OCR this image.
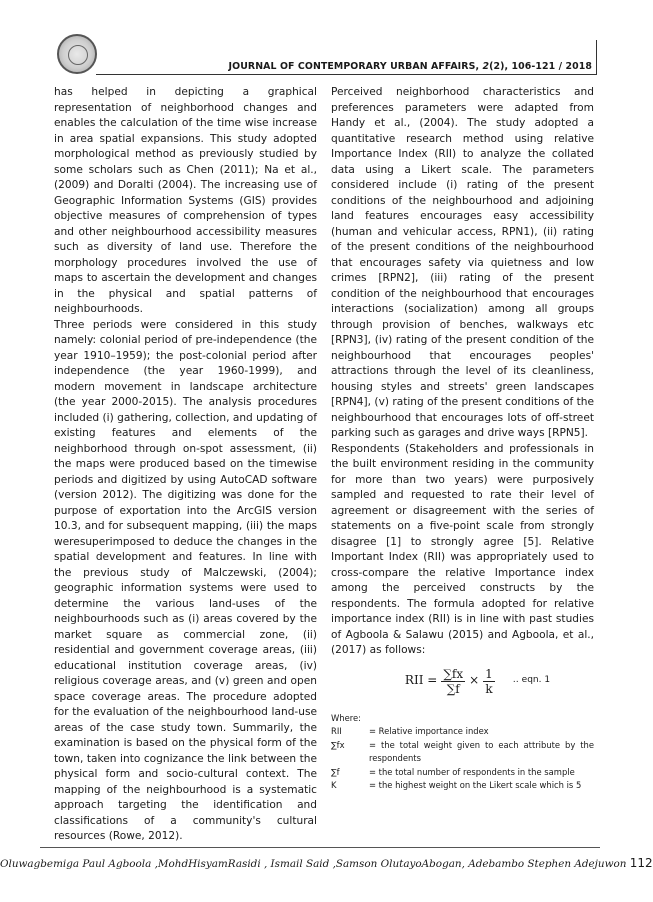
JOURNAL OF CONTEMPORARY URBAN AFFAIRS, 2(2), 106-121 / 2018

has helped in depicting a graphical representation of neighborhood changes and enables the calculation of the time wise increase in area spatial expansions. This study adopted morphological method as previously studied by some scholars such as Chen (2011); Na et al., (2009) and Doralti (2004). The increasing use of Geographic Information Systems (GIS) provides objective measures of comprehension of types and other neighbourhood accessibility measures such as diversity of land use. Therefore the morphology procedures involved the use of maps to ascertain the development and changes in the physical and spatial patterns of neighbourhoods.

Three periods were considered in this study namely: colonial period of pre-independence (the year 1910–1959); the post-colonial period after independence (the year 1960-1999), and modern movement in landscape architecture (the year 2000-2015). The analysis procedures included (i) gathering, collection, and updating of existing features and elements of the neighborhood through on-spot assessment, (ii) the maps were produced based on the timewise periods and digitized by using AutoCAD software (version 2012). The digitizing was done for the purpose of exportation into the ArcGIS version 10.3, and for subsequent mapping, (iii) the maps weresuperimposed to deduce the changes in the spatial development and features. In line with the previous study of Malczewski, (2004); geographic information systems were used to determine the various land-uses of the neighbourhoods such as (i) areas covered by the market square as commercial zone, (ii) residential and government coverage areas, (iii) educational institution coverage areas, (iv) religious coverage areas, and (v) green and open space coverage areas. The procedure adopted for the evaluation of the neighbourhood land-use areas of the case study town. Summarily, the examination is based on the physical form of the town, taken into cognizance the link between the physical form and socio-cultural context. The mapping of the neighbourhood is a systematic approach targeting the identification and classifications of a community's cultural resources (Rowe, 2012).

Perceived neighborhood characteristics and preferences parameters were adapted from Handy et al., (2004). The study adopted a quantitative research method using relative Importance Index (RII) to analyze the collated data using a Likert scale. The parameters considered include (i) rating of the present conditions of the neighbourhood and adjoining land features encourages easy accessibility (human and vehicular access, RPN1), (ii) rating of the present conditions of the neighbourhood that encourages safety via quietness and low crimes [RPN2], (iii) rating of the present condition of the neighbourhood that encourages interactions (socialization) among all groups through provision of benches, walkways etc [RPN3], (iv) rating of the present condition of the neighbourhood that encourages peoples' attractions through the level of its cleanliness, housing styles and streets' green landscapes [RPN4], (v) rating of the present conditions of the neighbourhood that encourages lots of off-street parking such as garages and drive ways [RPN5].

Respondents (Stakeholders and professionals in the built environment residing in the community for more than two years) were purposively sampled and requested to rate their level of agreement or disagreement with the series of statements on a five-point scale from strongly disagree [1] to strongly agree [5]. Relative Important Index (RII) was appropriately used to cross-compare the relative Importance index among the perceived constructs by the respondents. The formula adopted for relative importance index (RII) is in line with past studies of Agboola & Salawu (2015) and Agboola, et al., (2017) as follows:

RII = $\frac{\sum fx}{\sum f} \times \frac{1}{k}$ ‥ eqn. 1
Where:
RII	= Relative importance index
∑fx	= the total weight given to each attribute by the respondents
∑f	= the total number of respondents in the sample
K	= the highest weight on the Likert scale which is 5
Oluwagbemiga Paul Agboola ,MohdHisyamRasidi , Ismail Said ,Samson OlutayoAbogan, Adebambo Stephen Adejuwon 112
